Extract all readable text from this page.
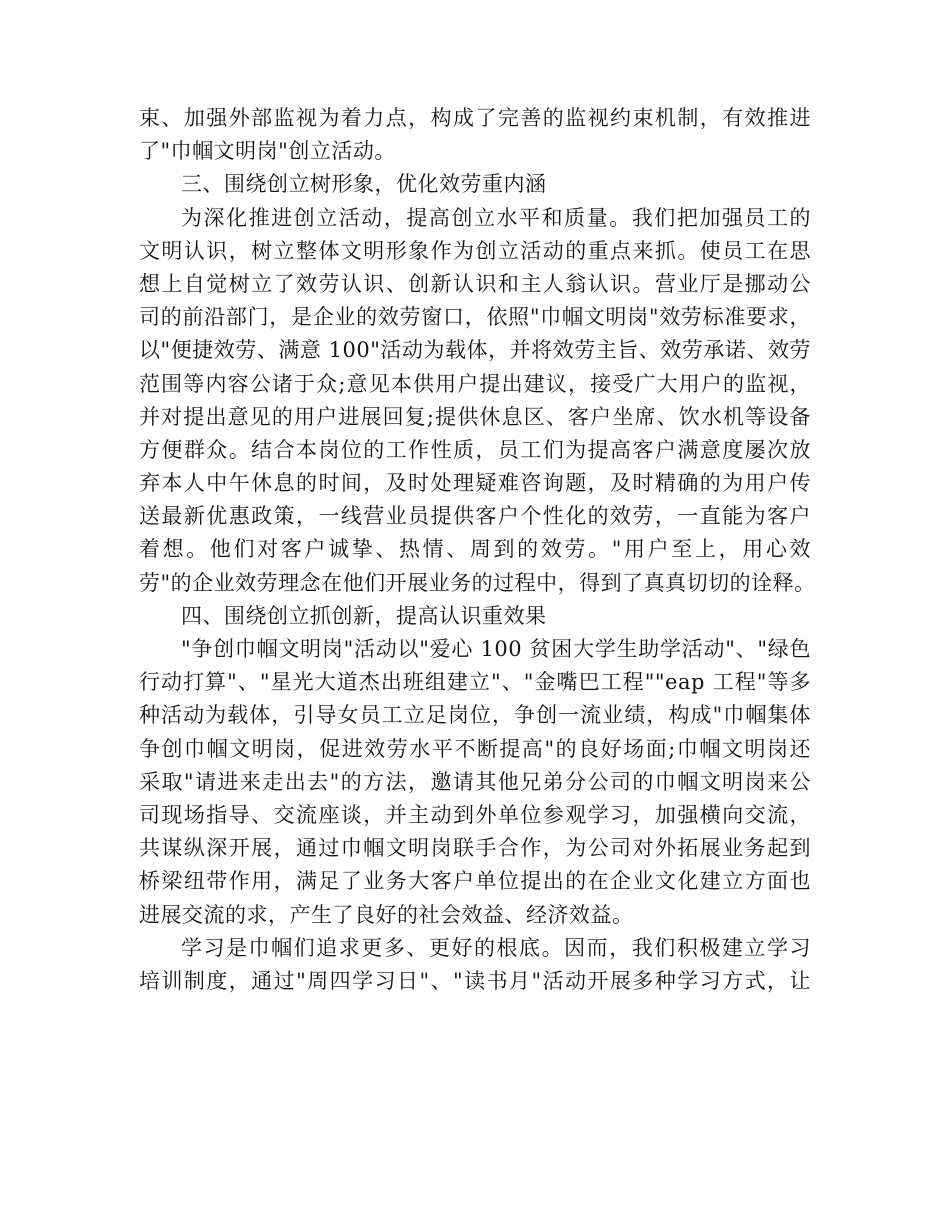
束、加强外部监视为着力点，构成了完善的监视约束机制，有效推进
了"巾帼文明岗"创立活动。
三、围绕创立树形象，优化效劳重内涵
为深化推进创立活动，提高创立水平和质量。我们把加强员工的
文明认识，树立整体文明形象作为创立活动的重点来抓。使员工在思
想上自觉树立了效劳认识、创新认识和主人翁认识。营业厅是挪动公
司的前沿部门，是企业的效劳窗口，依照"巾帼文明岗"效劳标准要求，
以"便捷效劳、满意 100"活动为载体，并将效劳主旨、效劳承诺、效劳
范围等内容公诸于众;意见本供用户提出建议，接受广大用户的监视，
并对提出意见的用户进展回复;提供休息区、客户坐席、饮水机等设备
方便群众。结合本岗位的工作性质，员工们为提高客户满意度屡次放
弃本人中午休息的时间，及时处理疑难咨询题，及时精确的为用户传
送最新优惠政策，一线营业员提供客户个性化的效劳，一直能为客户
着想。他们对客户诚挚、热情、周到的效劳。"用户至上，用心效
劳"的企业效劳理念在他们开展业务的过程中，得到了真真切切的诠释。
四、围绕创立抓创新，提高认识重效果
"争创巾帼文明岗"活动以"爱心 100 贫困大学生助学活动"、"绿色
行动打算"、"星光大道杰出班组建立"、"金嘴巴工程""eap 工程"等多
种活动为载体，引导女员工立足岗位，争创一流业绩，构成"巾帼集体
争创巾帼文明岗，促进效劳水平不断提高"的良好场面;巾帼文明岗还
采取"请进来走出去"的方法，邀请其他兄弟分公司的巾帼文明岗来公
司现场指导、交流座谈，并主动到外单位参观学习，加强横向交流，
共谋纵深开展，通过巾帼文明岗联手合作，为公司对外拓展业务起到
桥梁纽带作用，满足了业务大客户单位提出的在企业文化建立方面也
进展交流的求，产生了良好的社会效益、经济效益。
学习是巾帼们追求更多、更好的根底。因而，我们积极建立学习
培训制度，通过"周四学习日"、"读书月"活动开展多种学习方式，让
